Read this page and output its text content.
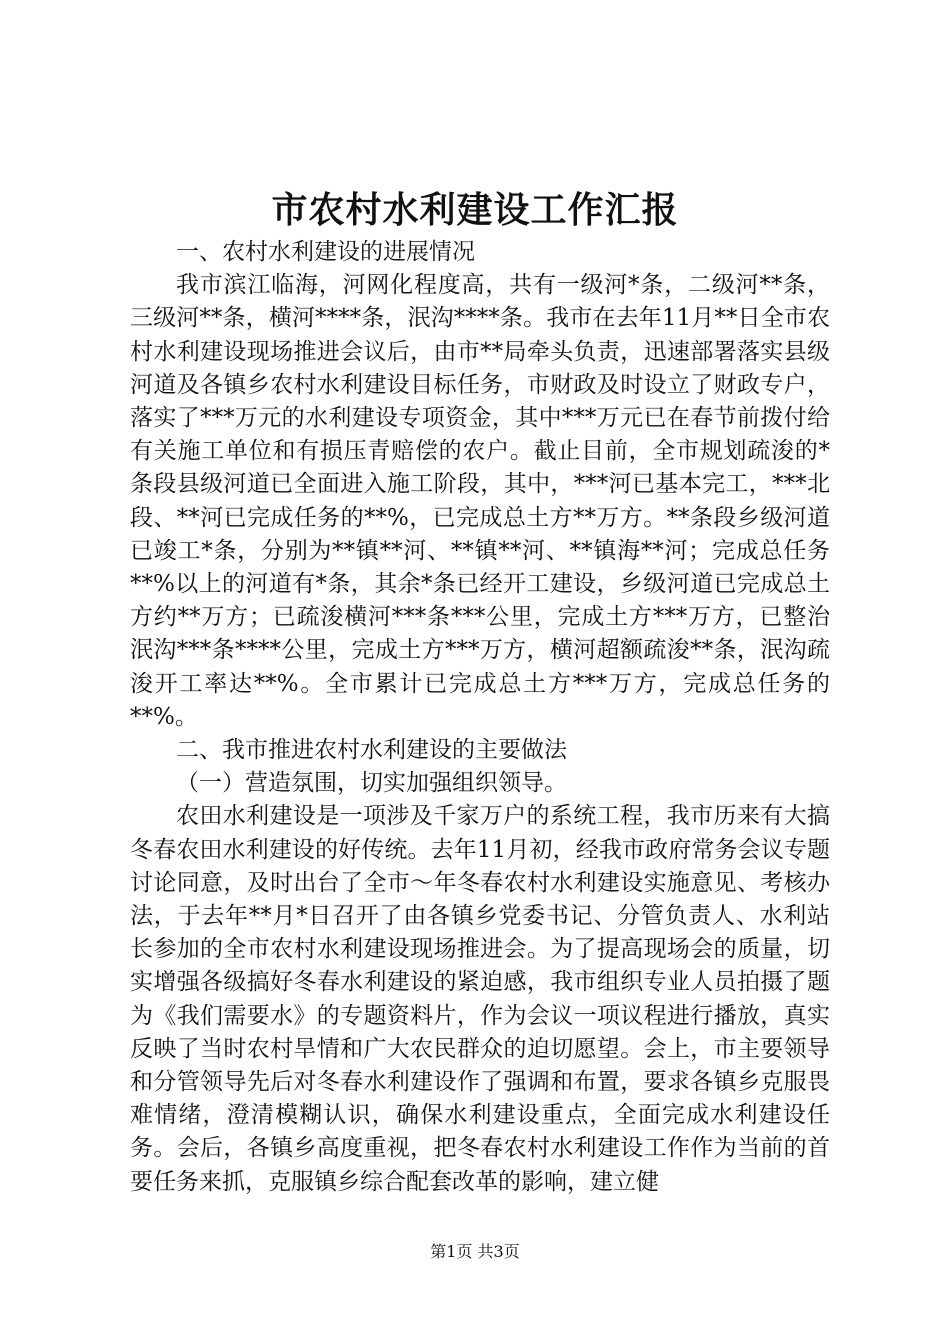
市农村水利建设工作汇报

一、农村水利建设的进展情况

我市滨江临海，河网化程度高，共有一级河*条，二级河**条，三级河**条，横河****条，泯沟****条。我市在去年11月**日全市农村水利建设现场推进会议后，由市**局牵头负责，迅速部署落实县级河道及各镇乡农村水利建设目标任务，市财政及时设立了财政专户，落实了***万元的水利建设专项资金，其中***万元已在春节前拨付给有关施工单位和有损压青赔偿的农户。截止目前，全市规划疏浚的*条段县级河道已全面进入施工阶段，其中，***河已基本完工，***北段、**河已完成任务的**%，已完成总土方**万方。**条段乡级河道已竣工*条，分别为**镇**河、**镇**河、**镇海**河；完成总任务**%以上的河道有*条，其余*条已经开工建设，乡级河道已完成总土方约**万方；已疏浚横河***条***公里，完成土方***万方，已整治泯沟***条****公里，完成土方***万方，横河超额疏浚**条，泯沟疏浚开工率达**%。全市累计已完成总土方***万方，完成总任务的**%。

二、我市推进农村水利建设的主要做法

（一）营造氛围，切实加强组织领导。

农田水利建设是一项涉及千家万户的系统工程，我市历来有大搞冬春农田水利建设的好传统。去年11月初，经我市政府常务会议专题讨论同意，及时出台了全市～年冬春农村水利建设实施意见、考核办法，于去年**月*日召开了由各镇乡党委书记、分管负责人、水利站长参加的全市农村水利建设现场推进会。为了提高现场会的质量，切实增强各级搞好冬春水利建设的紧迫感，我市组织专业人员拍摄了题为《我们需要水》的专题资料片，作为会议一项议程进行播放，真实反映了当时农村旱情和广大农民群众的迫切愿望。会上，市主要领导和分管领导先后对冬春水利建设作了强调和布置，要求各镇乡克服畏难情绪，澄清模糊认识，确保水利建设重点，全面完成水利建设任务。会后，各镇乡高度重视，把冬春农村水利建设工作作为当前的首要任务来抓，克服镇乡综合配套改革的影响，建立健

第1页 共3页
